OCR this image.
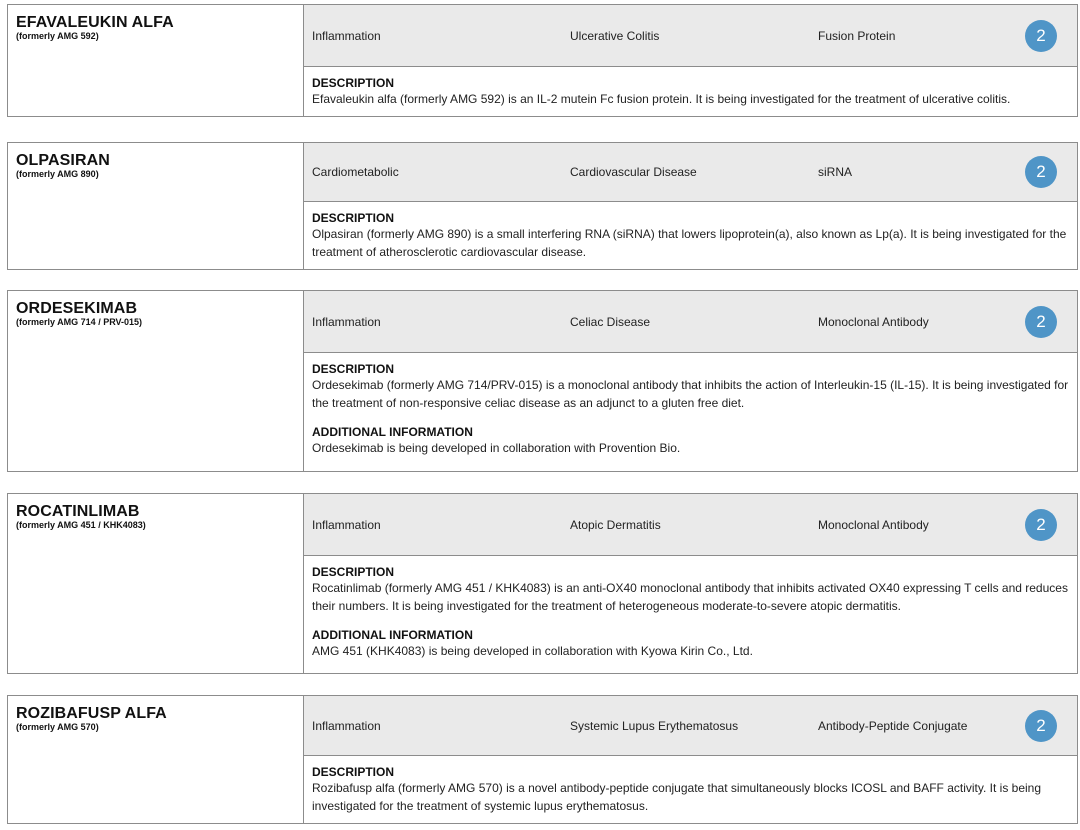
EFAVALEUKIN ALFA
(formerly AMG 592)	Inflammation	Ulcerative Colitis	Fusion Protein	2
DESCRIPTION
Efavaleukin alfa (formerly AMG 592) is an IL-2 mutein Fc fusion protein. It is being investigated for the treatment of ulcerative colitis.
OLPASIRAN
(formerly AMG 890)	Cardiometabolic	Cardiovascular Disease	siRNA	2
DESCRIPTION
Olpasiran (formerly AMG 890) is a small interfering RNA (siRNA) that lowers lipoprotein(a), also known as Lp(a). It is being investigated for the treatment of atherosclerotic cardiovascular disease.
ORDESEKIMAB
(formerly AMG 714 / PRV-015)	Inflammation	Celiac Disease	Monoclonal Antibody	2
DESCRIPTION
Ordesekimab (formerly AMG 714/PRV-015) is a monoclonal antibody that inhibits the action of Interleukin-15 (IL-15). It is being investigated for the treatment of non-responsive celiac disease as an adjunct to a gluten free diet.
ADDITIONAL INFORMATION
Ordesekimab is being developed in collaboration with Provention Bio.
ROCATINLIMAB
(formerly AMG 451 / KHK4083)	Inflammation	Atopic Dermatitis	Monoclonal Antibody	2
DESCRIPTION
Rocatinlimab (formerly AMG 451 / KHK4083) is an anti-OX40 monoclonal antibody that inhibits activated OX40 expressing T cells and reduces their numbers. It is being investigated for the treatment of heterogeneous moderate-to-severe atopic dermatitis.
ADDITIONAL INFORMATION
AMG 451 (KHK4083) is being developed in collaboration with Kyowa Kirin Co., Ltd.
ROZIBAFUSP ALFA
(formerly AMG 570)	Inflammation	Systemic Lupus Erythematosus	Antibody-Peptide Conjugate	2
DESCRIPTION
Rozibafusp alfa (formerly AMG 570) is a novel antibody-peptide conjugate that simultaneously blocks ICOSL and BAFF activity. It is being investigated for the treatment of systemic lupus erythematosus.
